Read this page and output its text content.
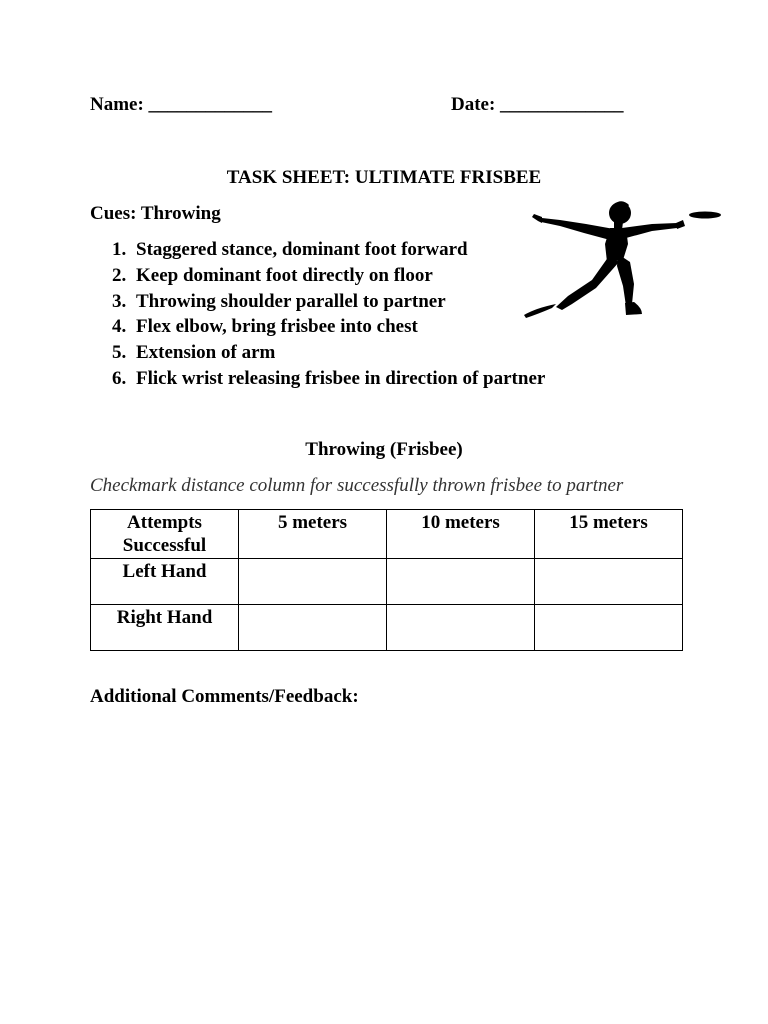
Name: _____________	Date: _____________
TASK SHEET: ULTIMATE FRISBEE
Cues: Throwing
1. Staggered stance, dominant foot forward
2. Keep dominant foot directly on floor
3. Throwing shoulder parallel to partner
4. Flex elbow, bring frisbee into chest
5. Extension of arm
6. Flick wrist releasing frisbee in direction of partner
Throwing (Frisbee)
Checkmark distance column for successfully thrown frisbee to partner
Attempts
Successful	5 meters	10 meters	15 meters
Left Hand			
Right Hand			
Additional Comments/Feedback:
